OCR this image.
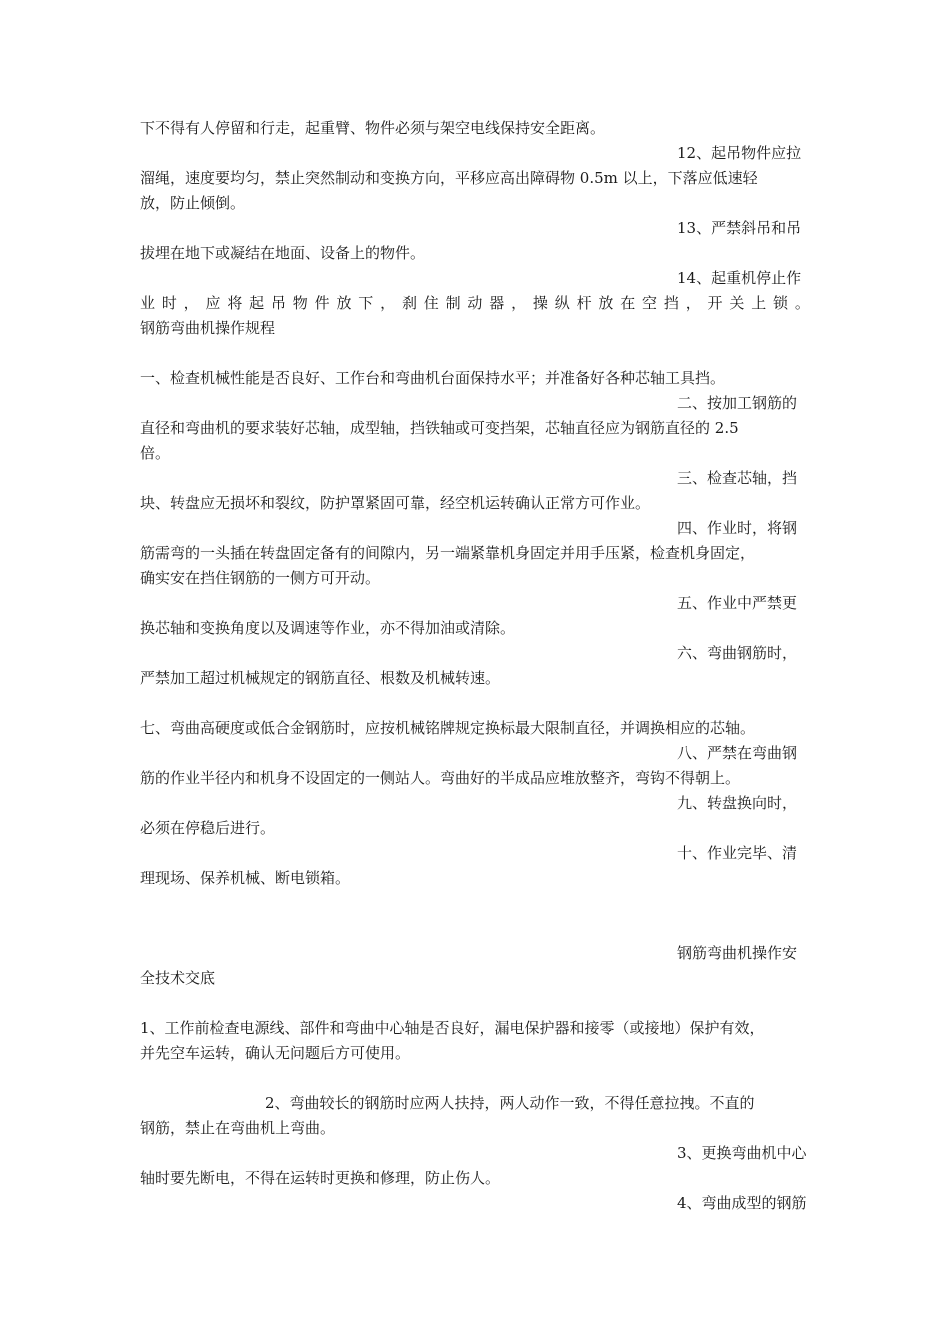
下不得有人停留和行走，起重臂、物件必须与架空电线保持安全距离。
12、起吊物件应拉
溜绳，速度要均匀，禁止突然制动和变换方向，平移应高出障碍物 0.5m 以上，下落应低速轻
放，防止倾倒。
13、严禁斜吊和吊
拔埋在地下或凝结在地面、设备上的物件。
14、起重机停止作
业 时 ， 应 将 起 吊 物 件 放 下 ， 刹 住 制 动 器 ， 操 纵 杆 放 在 空 挡 ， 开 关 上 锁 。
钢筋弯曲机操作规程
一、检查机械性能是否良好、工作台和弯曲机台面保持水平；并准备好各种芯轴工具挡。
二、按加工钢筋的
直径和弯曲机的要求装好芯轴，成型轴，挡铁轴或可变挡架，芯轴直径应为钢筋直径的 2.5
倍。
三、检查芯轴，挡
块、转盘应无损坏和裂纹，防护罩紧固可靠，经空机运转确认正常方可作业。
四、作业时，将钢
筋需弯的一头插在转盘固定备有的间隙内，另一端紧靠机身固定并用手压紧，检查机身固定，
确实安在挡住钢筋的一侧方可开动。
五、作业中严禁更
换芯轴和变换角度以及调速等作业，亦不得加油或清除。
六、弯曲钢筋时，
严禁加工超过机械规定的钢筋直径、根数及机械转速。
七、弯曲高硬度或低合金钢筋时，应按机械铭牌规定换标最大限制直径，并调换相应的芯轴。
八、严禁在弯曲钢
筋的作业半径内和机身不设固定的一侧站人。弯曲好的半成品应堆放整齐，弯钩不得朝上。
九、转盘换向时，
必须在停稳后进行。
十、作业完毕、清
理现场、保养机械、断电锁箱。
钢筋弯曲机操作安
全技术交底
1、工作前检查电源线、部件和弯曲中心轴是否良好，漏电保护器和接零（或接地）保护有效，
并先空车运转，确认无问题后方可使用。
2、弯曲较长的钢筋时应两人扶持，两人动作一致，不得任意拉拽。不直的
钢筋，禁止在弯曲机上弯曲。
3、更换弯曲机中心
轴时要先断电，不得在运转时更换和修理，防止伤人。
4、弯曲成型的钢筋
